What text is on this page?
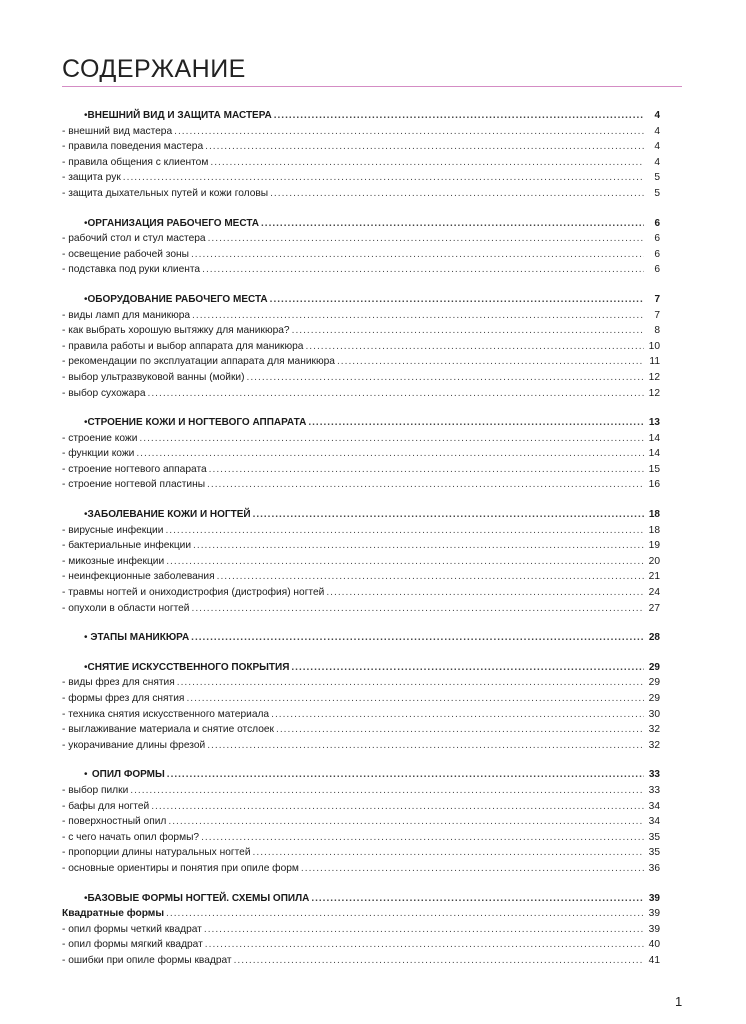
СОДЕРЖАНИЕ
• ВНЕШНИЙ ВИД И ЗАЩИТА МАСТЕРА .....	4
- внешний вид мастера .....	4
- правила поведения мастера .....	4
- правила общения с клиентом .....	4
- защита рук .....	5
- защита дыхательных путей и кожи головы .....	5
• ОРГАНИЗАЦИЯ РАБОЧЕГО МЕСТА .....	6
- рабочий стол и стул мастера .....	6
- освещение рабочей зоны .....	6
- подставка под руки клиента .....	6
• ОБОРУДОВАНИЕ РАБОЧЕГО МЕСТА .....	7
- виды ламп для маникюра .....	7
- как выбрать хорошую вытяжку для маникюра? .....	8
- правила работы и выбор аппарата для маникюра .....	10
- рекомендации по эксплуатации аппарата для маникюра .....	11
- выбор ультразвуковой ванны (мойки) .....	12
- выбор сухожара .....	12
• СТРОЕНИЕ КОЖИ И НОГТЕВОГО АППАРАТА .....	13
- строение кожи .....	14
- функции кожи .....	14
- строение ногтевого аппарата .....	15
- строение ногтевой пластины .....	16
• ЗАБОЛЕВАНИЕ КОЖИ И НОГТЕЙ .....	18
- вирусные инфекции .....	18
- бактериальные инфекции .....	19
- микозные инфекции .....	20
- неинфекционные заболевания .....	21
- травмы ногтей и ониходистрофия (дистрофия) ногтей .....	24
- опухоли в области ногтей .....	27
• ЭТАПЫ МАНИКЮРА .....	28
• СНЯТИЕ ИСКУССТВЕННОГО ПОКРЫТИЯ .....	29
- виды фрез для снятия .....	29
- формы фрез для снятия .....	29
- техника снятия искусственного материала .....	30
- выглаживание материала и снятие отслоек .....	32
- укорачивание длины фрезой .....	32
• ОПИЛ ФОРМЫ .....	33
- выбор пилки .....	33
- бафы для ногтей .....	34
- поверхностный опил .....	34
- с чего начать опил формы? .....	35
- пропорции длины натуральных ногтей .....	35
- основные ориентиры и понятия при опиле форм .....	36
• БАЗОВЫЕ ФОРМЫ НОГТЕЙ. СХЕМЫ ОПИЛА .....	39
Квадратные формы .....	39
- опил формы четкий квадрат .....	39
- опил формы мягкий квадрат .....	40
- ошибки при опиле формы квадрат .....	41
1
